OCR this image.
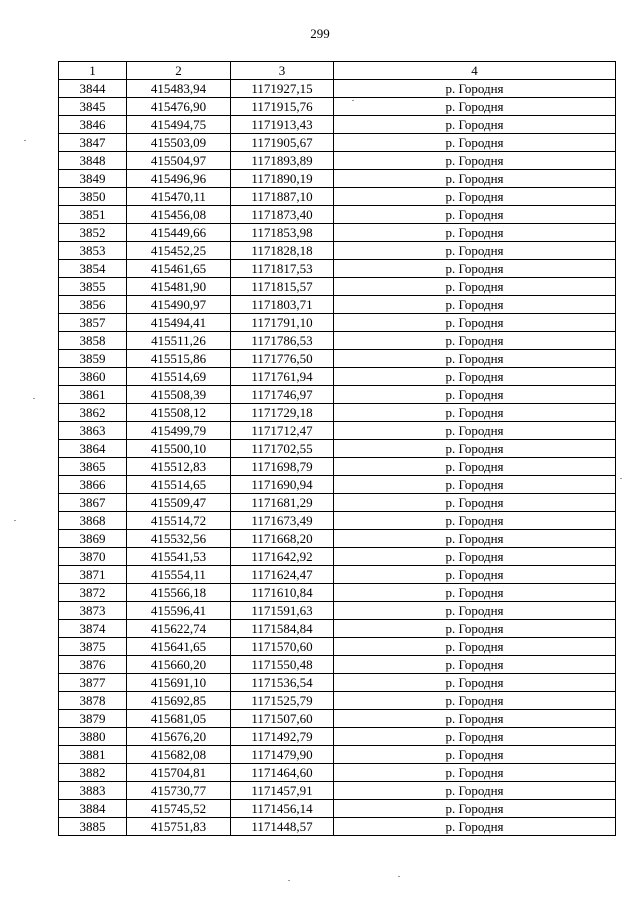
299
1	2	3	4
3844	415483,94	1171927,15	р. Городня
3845	415476,90	1171915,76	р. Городня
3846	415494,75	1171913,43	р. Городня
3847	415503,09	1171905,67	р. Городня
3848	415504,97	1171893,89	р. Городня
3849	415496,96	1171890,19	р. Городня
3850	415470,11	1171887,10	р. Городня
3851	415456,08	1171873,40	р. Городня
3852	415449,66	1171853,98	р. Городня
3853	415452,25	1171828,18	р. Городня
3854	415461,65	1171817,53	р. Городня
3855	415481,90	1171815,57	р. Городня
3856	415490,97	1171803,71	р. Городня
3857	415494,41	1171791,10	р. Городня
3858	415511,26	1171786,53	р. Городня
3859	415515,86	1171776,50	р. Городня
3860	415514,69	1171761,94	р. Городня
3861	415508,39	1171746,97	р. Городня
3862	415508,12	1171729,18	р. Городня
3863	415499,79	1171712,47	р. Городня
3864	415500,10	1171702,55	р. Городня
3865	415512,83	1171698,79	р. Городня
3866	415514,65	1171690,94	р. Городня
3867	415509,47	1171681,29	р. Городня
3868	415514,72	1171673,49	р. Городня
3869	415532,56	1171668,20	р. Городня
3870	415541,53	1171642,92	р. Городня
3871	415554,11	1171624,47	р. Городня
3872	415566,18	1171610,84	р. Городня
3873	415596,41	1171591,63	р. Городня
3874	415622,74	1171584,84	р. Городня
3875	415641,65	1171570,60	р. Городня
3876	415660,20	1171550,48	р. Городня
3877	415691,10	1171536,54	р. Городня
3878	415692,85	1171525,79	р. Городня
3879	415681,05	1171507,60	р. Городня
3880	415676,20	1171492,79	р. Городня
3881	415682,08	1171479,90	р. Городня
3882	415704,81	1171464,60	р. Городня
3883	415730,77	1171457,91	р. Городня
3884	415745,52	1171456,14	р. Городня
3885	415751,83	1171448,57	р. Городня
